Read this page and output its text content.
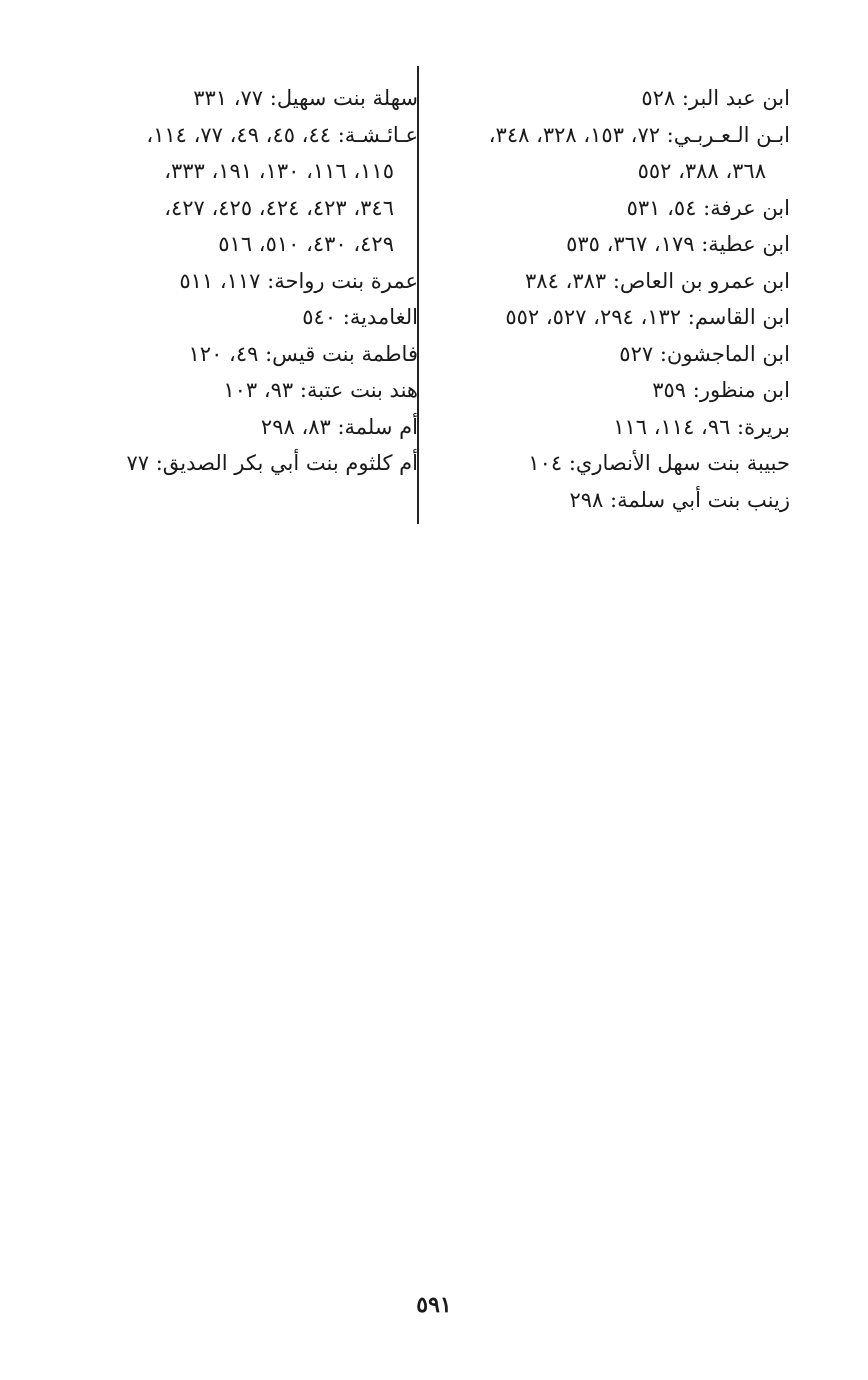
ابن عبد البر: ٥٢٨

ابـن الـعـربـي: ٧٢، ١٥٣، ٣٢٨، ٣٤٨،

٣٦٨، ٣٨٨، ٥٥٢

ابن عرفة: ٥٤، ٥٣١

ابن عطية: ١٧٩، ٣٦٧، ٥٣٥

ابن عمرو بن العاص: ٣٨٣، ٣٨٤

ابن القاسم: ١٣٢، ٢٩٤، ٥٢٧، ٥٥٢

ابن الماجشون: ٥٢٧

ابن منظور: ٣٥٩

بريرة: ٩٦، ١١٤، ١١٦

حبيبة بنت سهل الأنصاري: ١٠٤

زينب بنت أبي سلمة: ٢٩٨

سهلة بنت سهيل: ٧٧، ٣٣١

عـائـشـة: ٤٤، ٤٥، ٤٩، ٧٧، ١١٤،

١١٥، ١١٦، ١٣٠، ١٩١، ٣٣٣،

٣٤٦، ٤٢٣، ٤٢٤، ٤٢٥، ٤٢٧،

٤٢٩، ٤٣٠، ٥١٠، ٥١٦

عمرة بنت رواحة: ١١٧، ٥١١

الغامدية: ٥٤٠

فاطمة بنت قيس: ٤٩، ١٢٠

هند بنت عتبة: ٩٣، ١٠٣

أم سلمة: ٨٣، ٢٩٨

أم كلثوم بنت أبي بكر الصديق: ٧٧

٥٩١
